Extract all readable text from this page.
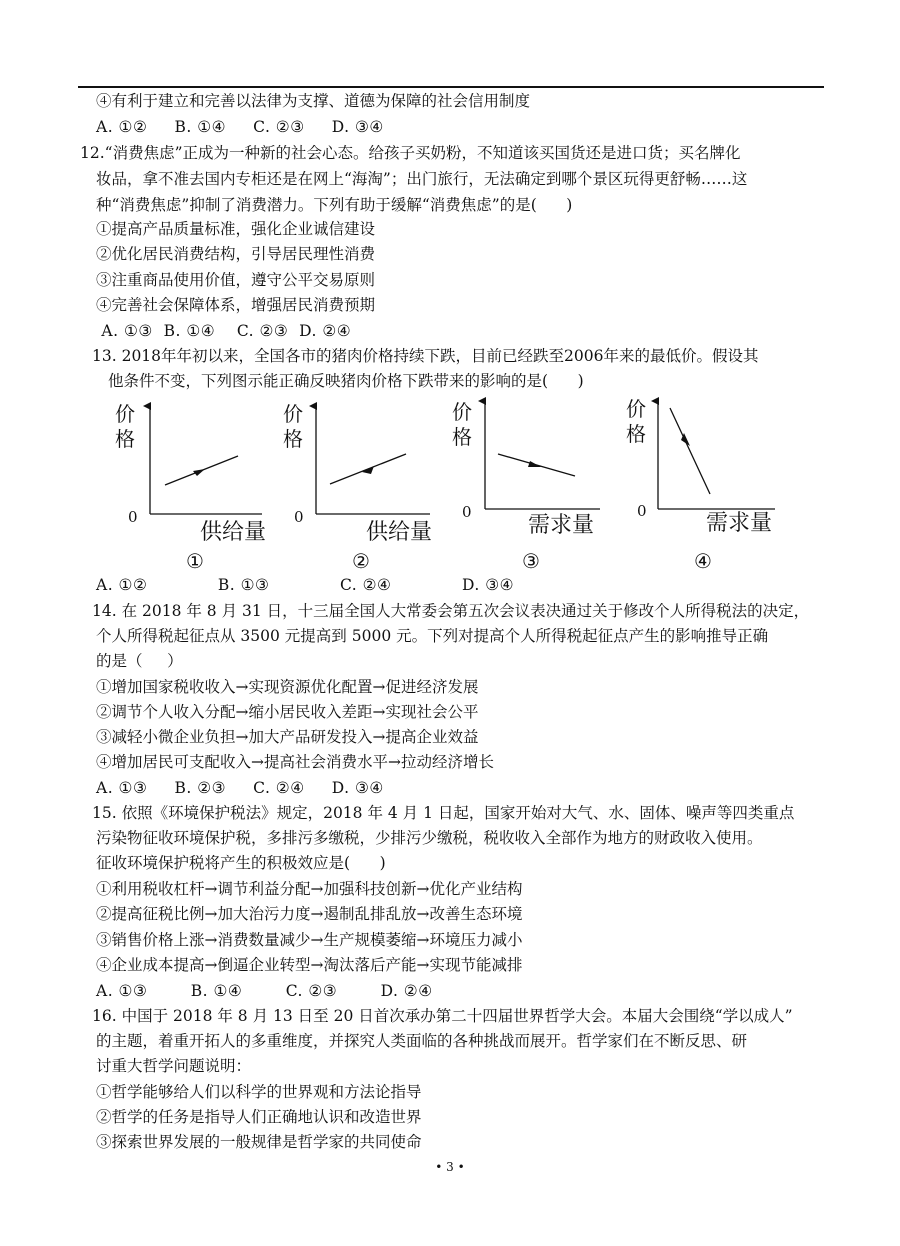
④有利于建立和完善以法律为支撑、道德为保障的社会信用制度
A. ①②     B. ①④     C. ②③     D. ③④
12.“消费焦虑”正成为一种新的社会心态。给孩子买奶粉，不知道该买国货还是进口货；买名牌化
妆品，拿不准去国内专柜还是在网上“海淘”；出门旅行，无法确定到哪个景区玩得更舒畅……这
种“消费焦虑”抑制了消费潜力。下列有助于缓解“消费焦虑”的是(      )
①提高产品质量标准，强化企业诚信建设
②优化居民消费结构，引导居民理性消费
③注重商品使用价值，遵守公平交易原则
④完善社会保障体系，增强居民消费预期
A. ①③  B. ①④    C. ②③  D. ②④
13. 2018年年初以来，全国各市的猪肉价格持续下跌，目前已经跌至2006年来的最低价。假设其
他条件不变，下列图示能正确反映猪肉价格下跌带来的影响的是(      )
价
格
0
供给量
①
价
格
0
供给量
②
价
格
0
需求量
③
价
格
0	需求量
④
A. ①②             B. ①③             C. ②④             D. ③④
14. 在 2018 年 8 月 31 日，十三届全国人大常委会第五次会议表决通过关于修改个人所得税法的决定，
个人所得税起征点从 3500 元提高到 5000 元。下列对提高个人所得税起征点产生的影响推导正确
的是（     ）
①增加国家税收收入→实现资源优化配置→促进经济发展
②调节个人收入分配→缩小居民收入差距→实现社会公平
③减轻小微企业负担→加大产品研发投入→提高企业效益
④增加居民可支配收入→提高社会消费水平→拉动经济增长
A. ①③     B. ②③     C. ②④     D. ③④
15. 依照《环境保护税法》规定，2018 年 4 月 1 日起，国家开始对大气、水、固体、噪声等四类重点
污染物征收环境保护税，多排污多缴税，少排污少缴税，税收收入全部作为地方的财政收入使用。
征收环境保护税将产生的积极效应是(      )
①利用税收杠杆→调节利益分配→加强科技创新→优化产业结构
②提高征税比例→加大治污力度→遏制乱排乱放→改善生态环境
③销售价格上涨→消费数量减少→生产规模萎缩→环境压力减小
④企业成本提高→倒逼企业转型→淘汰落后产能→实现节能减排
A. ①③        B. ①④        C. ②③        D. ②④
16. 中国于 2018 年 8 月 13 日至 20 日首次承办第二十四届世界哲学大会。本届大会围绕“学以成人”
的主题，着重开拓人的多重维度，并探究人类面临的各种挑战而展开。哲学家们在不断反思、研
讨重大哲学问题说明：
①哲学能够给人们以科学的世界观和方法论指导
②哲学的任务是指导人们正确地认识和改造世界
③探索世界发展的一般规律是哲学家的共同使命
• 3 •
